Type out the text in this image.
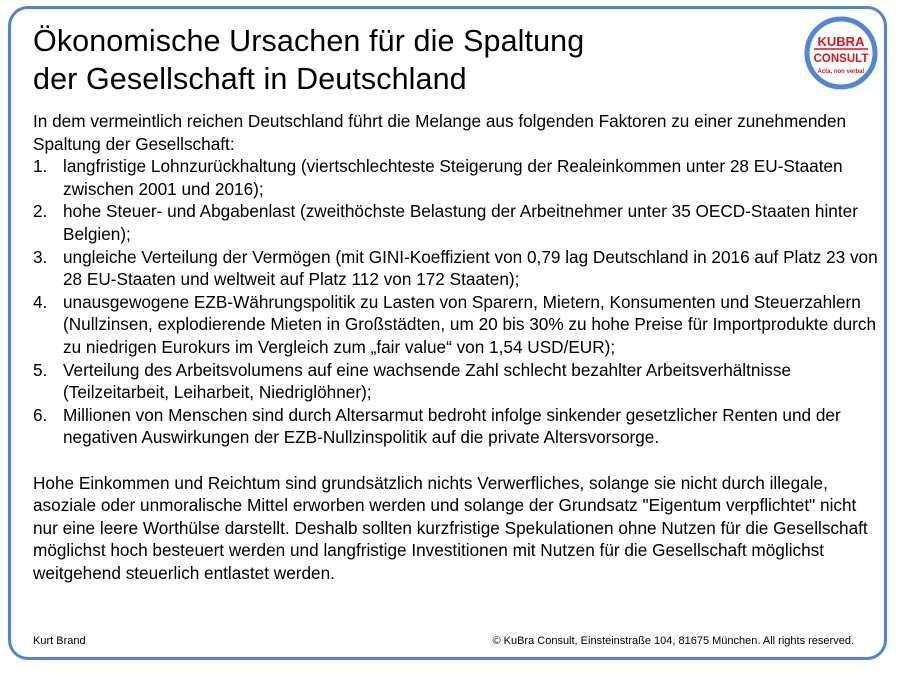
Ökonomische Ursachen für die Spaltung
der Gesellschaft in Deutschland
KUBRA
CONSULT
Acta, non verba!

In dem vermeintlich reichen Deutschland führt die Melange aus folgenden Faktoren zu einer zunehmenden Spaltung der Gesellschaft:

1. langfristige Lohnzurückhaltung (viertschlechteste Steigerung der Realeinkommen unter 28 EU-Staaten zwischen 2001 und 2016);
2. hohe Steuer- und Abgabenlast (zweithöchste Belastung der Arbeitnehmer unter 35 OECD-Staaten hinter Belgien);
3. ungleiche Verteilung der Vermögen (mit GINI-Koeffizient von 0,79 lag Deutschland in 2016 auf Platz 23 von 28 EU-Staaten und weltweit auf Platz 112 von 172 Staaten);
4. unausgewogene EZB-Währungspolitik zu Lasten von Sparern, Mietern, Konsumenten und Steuerzahlern (Nullzinsen, explodierende Mieten in Großstädten, um 20 bis 30% zu hohe Preise für Importprodukte durch zu niedrigen Eurokurs im Vergleich zum „fair value“ von 1,54 USD/EUR);
5. Verteilung des Arbeitsvolumens auf eine wachsende Zahl schlecht bezahlter Arbeitsverhältnisse (Teilzeitarbeit, Leiharbeit, Niedriglöhner);
6. Millionen von Menschen sind durch Altersarmut bedroht infolge sinkender gesetzlicher Renten und der negativen Auswirkungen der EZB-Nullzinspolitik auf die private Altersvorsorge.

Hohe Einkommen und Reichtum sind grundsätzlich nichts Verwerfliches, solange sie nicht durch illegale, asoziale oder unmoralische Mittel erworben werden und solange der Grundsatz "Eigentum verpflichtet" nicht nur eine leere Worthülse darstellt. Deshalb sollten kurzfristige Spekulationen ohne Nutzen für die Gesellschaft möglichst hoch besteuert werden und langfristige Investitionen mit Nutzen für die Gesellschaft möglichst weitgehend steuerlich entlastet werden.

Kurt Brand	© KuBra Consult, Einsteinstraße 104, 81675 München. All rights reserved.
